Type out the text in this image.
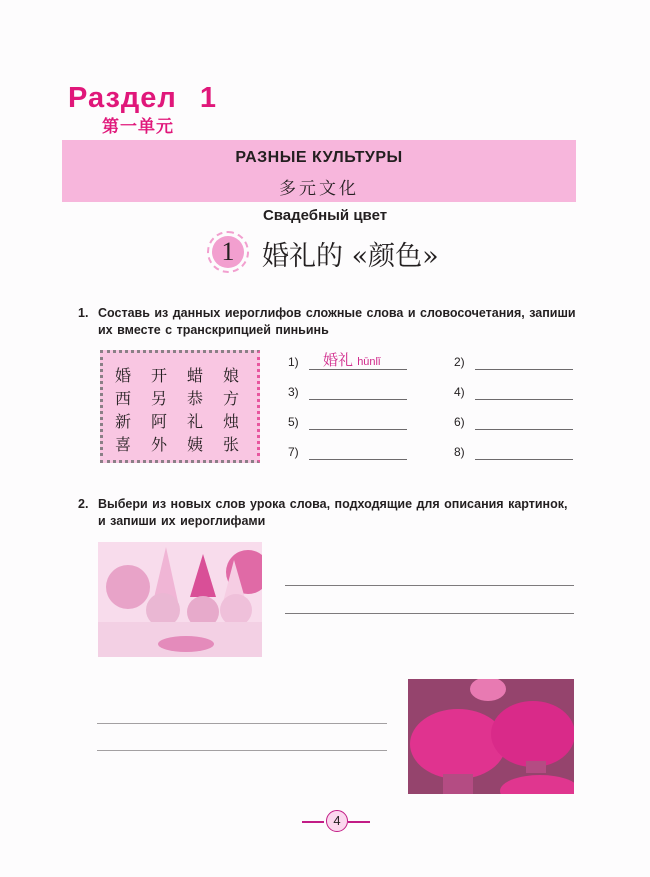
Раздел 1
第一单元
РАЗНЫЕ КУЛЬТУРЫ
多元文化
Свадебный цвет
1	婚礼的 «颜色»
1. Составь из данных иероглифов сложные слова и словосочетания, запиши их вместе с транскрипцией пиньинь
婚	开	蜡	娘
西	另	恭	方
新	阿	礼	烛
喜	外	姨	张
1) 婚礼 hūnlǐ	2)
3)	4)
5)	6)
7)	8)
2. Выбери из новых слов урока слова, подходящие для описания картинок, и запиши их иероглифами
4
